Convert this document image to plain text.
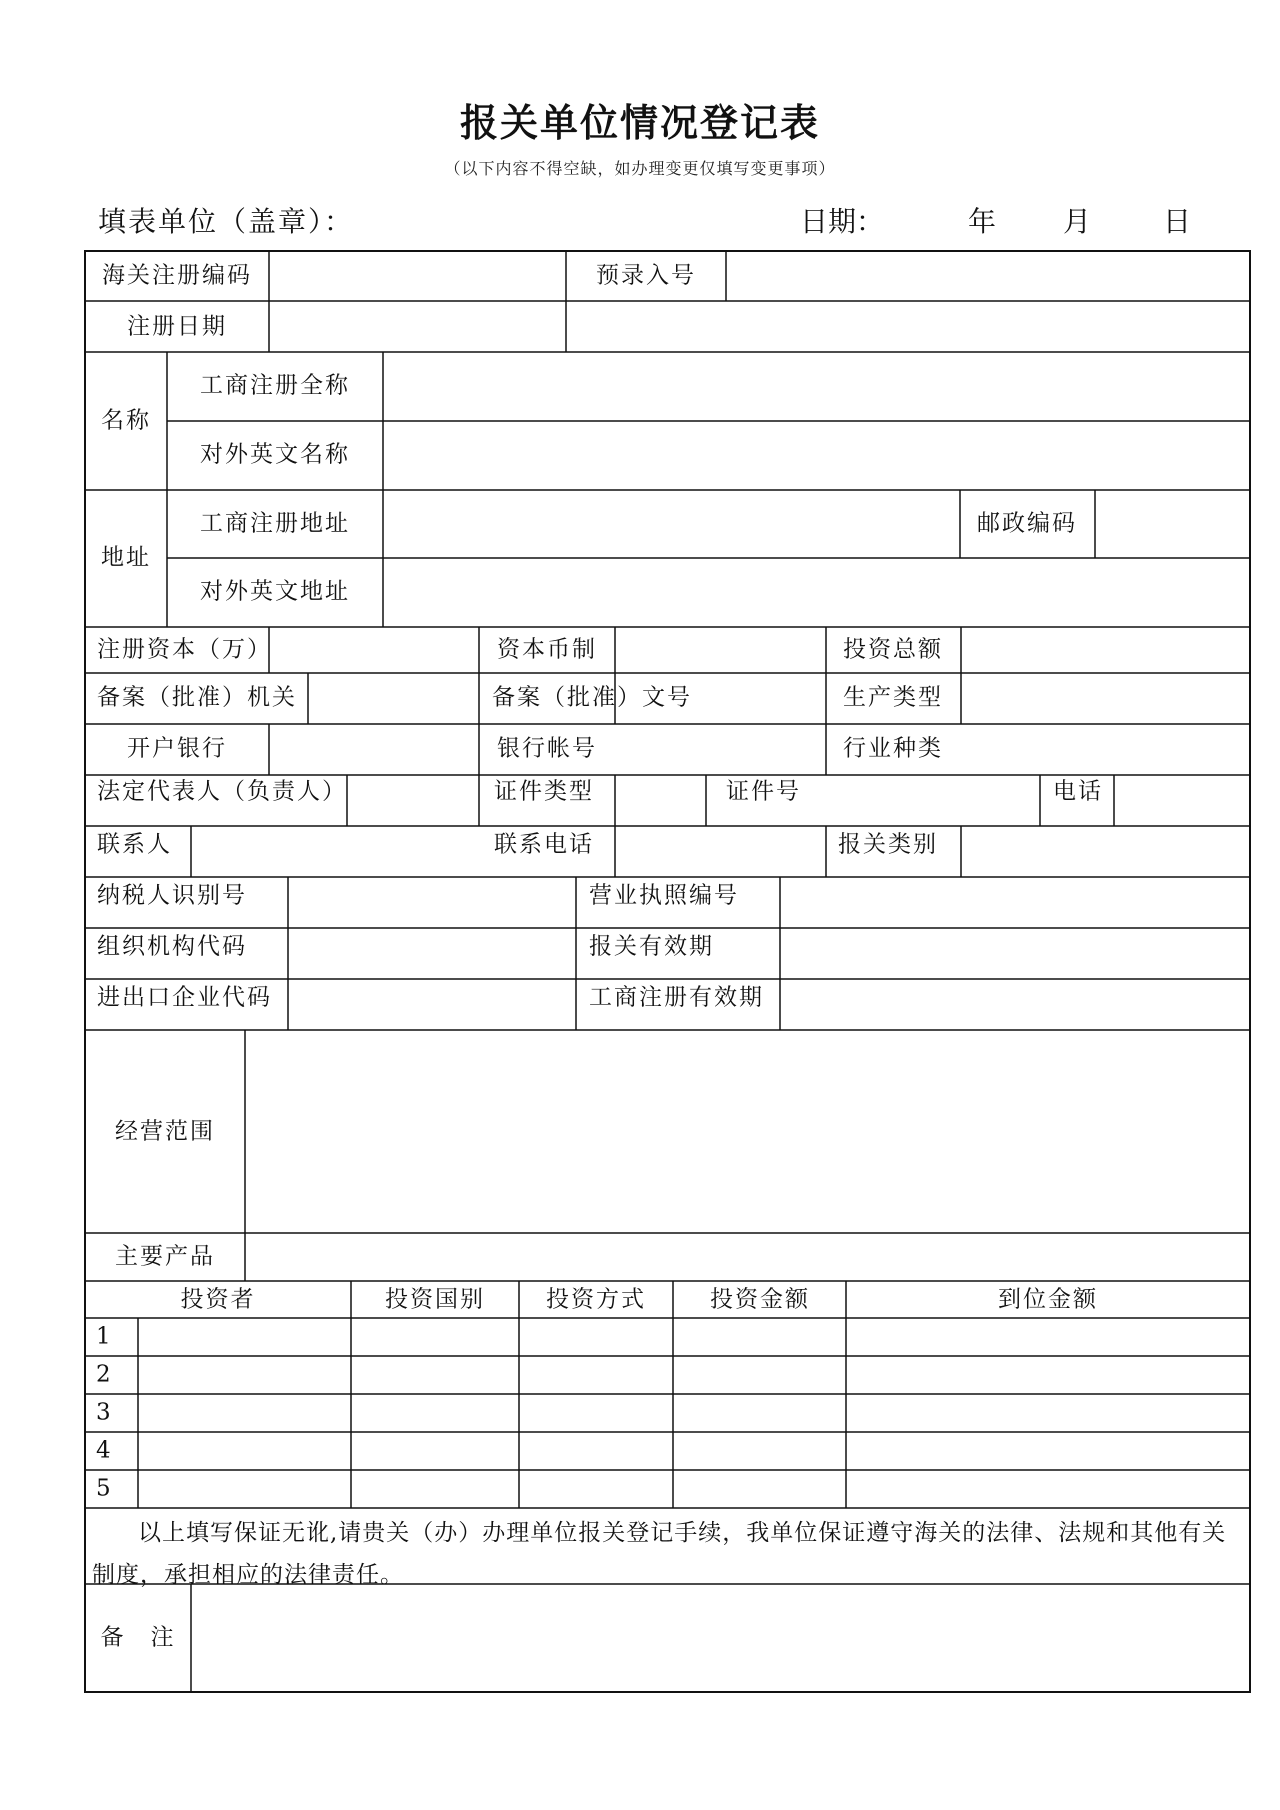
报关单位情况登记表
（以下内容不得空缺，如办理变更仅填写变更事项）
填表单位（盖章）：	日期：	年 月	日
海关注册编码	预录入号
注册日期
名称
工商注册全称
对外英文名称
地址
工商注册地址	邮政编码
对外英文地址
注册资本（万）	资本币制	投资总额
备案（批准）机关	备案（批准）文号	生产类型
开户银行	银行帐号	行业种类
法定代表人（负责人）	证件类型	证件号	电话
联系人	联系电话	报关类别
纳税人识别号	营业执照编号
组织机构代码	报关有效期
进出口企业代码	工商注册有效期
经营范围
主要产品
投资者	投资国别	投资方式	投资金额	到位金额
1
2
3
4
5
以上填写保证无讹,请贵关（办）办理单位报关登记手续，我单位保证遵守海关的法律、法规和其他有关制度，承担相应的法律责任。
备　注
